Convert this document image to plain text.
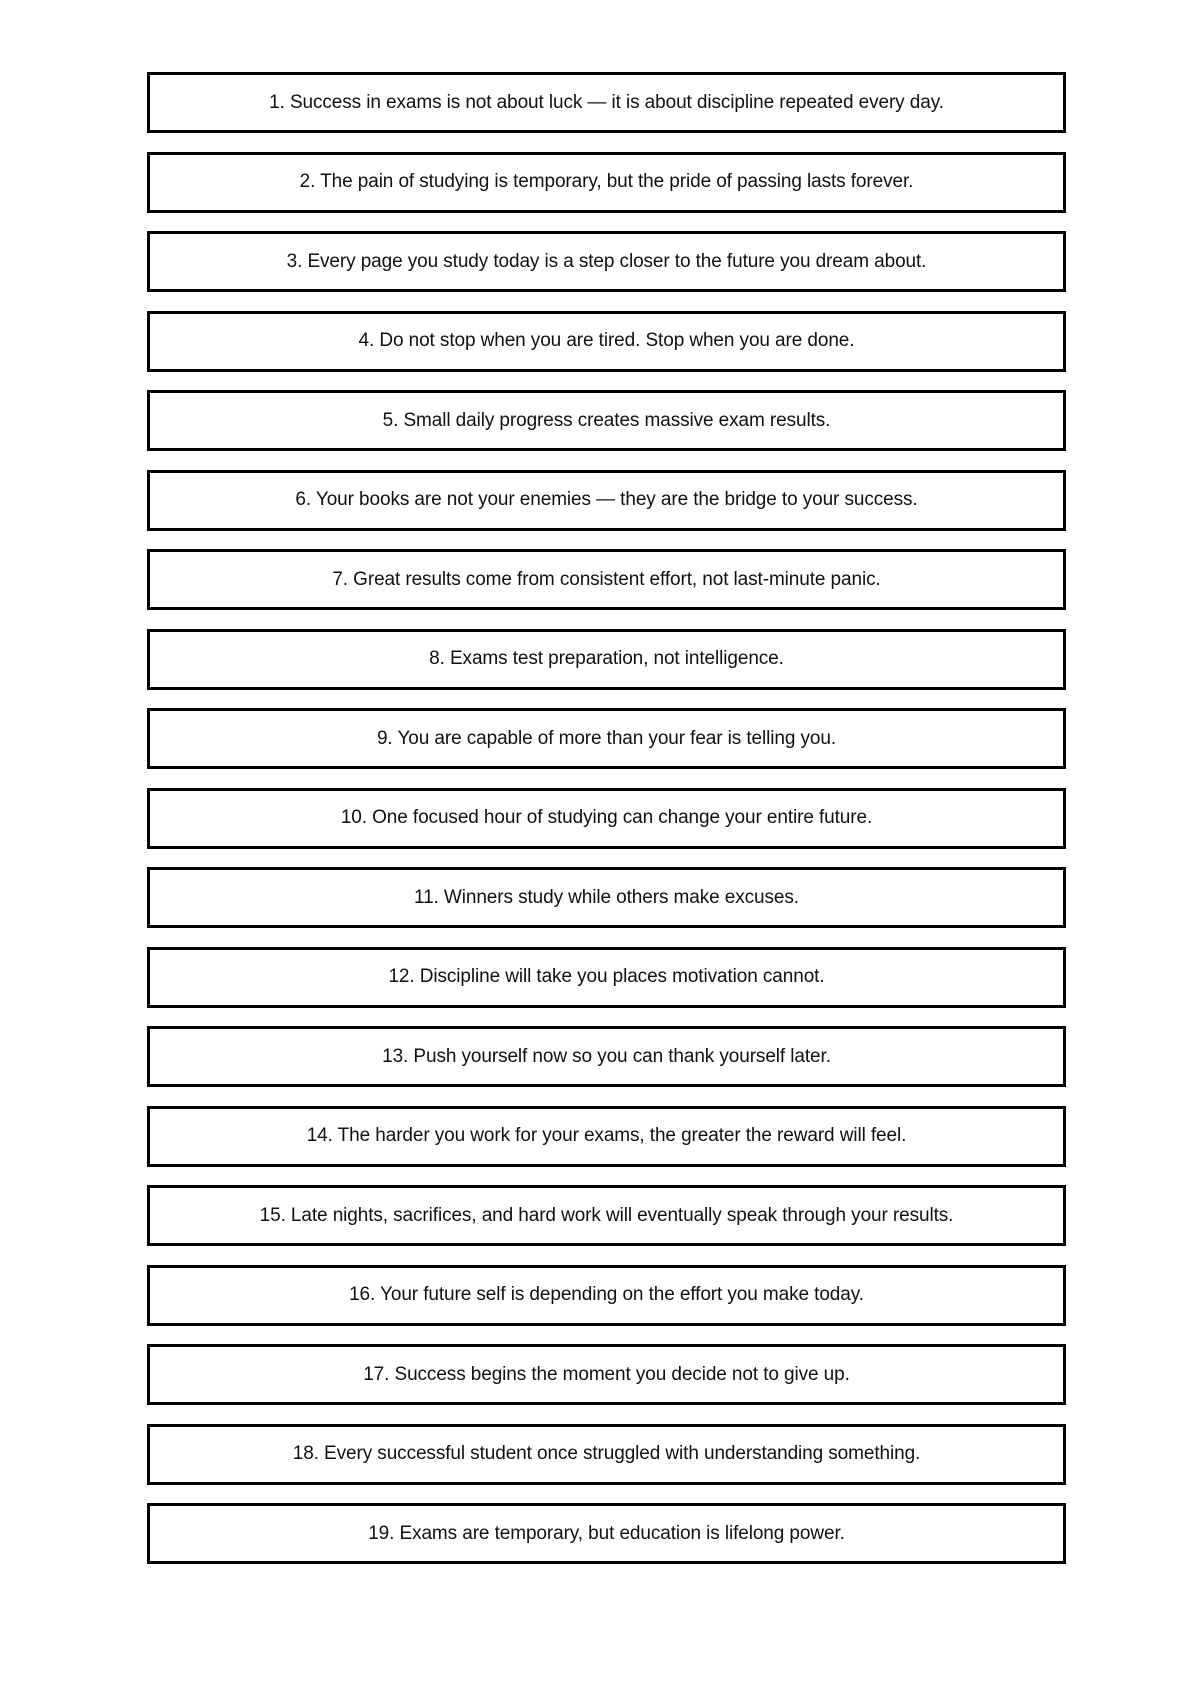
1. Success in exams is not about luck — it is about discipline repeated every day.
2. The pain of studying is temporary, but the pride of passing lasts forever.
3. Every page you study today is a step closer to the future you dream about.
4. Do not stop when you are tired. Stop when you are done.
5. Small daily progress creates massive exam results.
6. Your books are not your enemies — they are the bridge to your success.
7. Great results come from consistent effort, not last-minute panic.
8. Exams test preparation, not intelligence.
9. You are capable of more than your fear is telling you.
10. One focused hour of studying can change your entire future.
11. Winners study while others make excuses.
12. Discipline will take you places motivation cannot.
13. Push yourself now so you can thank yourself later.
14. The harder you work for your exams, the greater the reward will feel.
15. Late nights, sacrifices, and hard work will eventually speak through your results.
16. Your future self is depending on the effort you make today.
17. Success begins the moment you decide not to give up.
18. Every successful student once struggled with understanding something.
19. Exams are temporary, but education is lifelong power.
